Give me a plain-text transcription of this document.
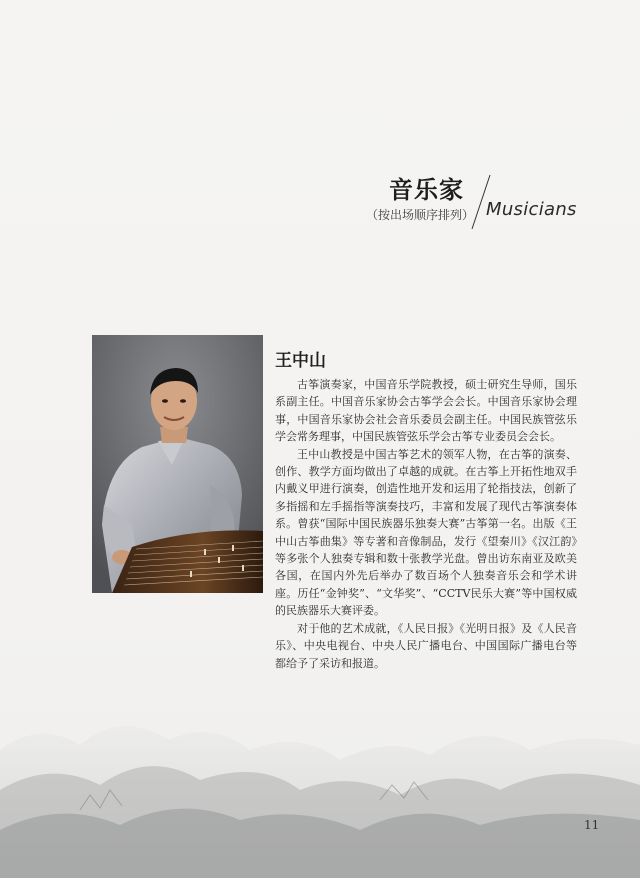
音乐家
（按出场顺序排列） Musicians
王中山

古筝演奏家，中国音乐学院教授，硕士研究生导师，国乐系副主任。中国音乐家协会古筝学会会长。中国音乐家协会理事，中国音乐家协会社会音乐委员会副主任。中国民族管弦乐学会常务理事，中国民族管弦乐学会古筝专业委员会会长。

王中山教授是中国古筝艺术的领军人物，在古筝的演奏、创作、教学方面均做出了卓越的成就。在古筝上开拓性地双手内戴义甲进行演奏，创造性地开发和运用了轮指技法，创新了多指摇和左手摇指等演奏技巧，丰富和发展了现代古筝演奏体系。曾获“国际中国民族器乐独奏大赛”古筝第一名。出版《王中山古筝曲集》等专著和音像制品，发行《望秦川》《汉江韵》等多张个人独奏专辑和数十张教学光盘。曾出访东南亚及欧美各国，在国内外先后举办了数百场个人独奏音乐会和学术讲座。历任“金钟奖”、“文华奖”、“CCTV民乐大赛”等中国权威的民族器乐大赛评委。

对于他的艺术成就，《人民日报》《光明日报》及《人民音乐》、中央电视台、中央人民广播电台、中国国际广播电台等都给予了采访和报道。

11
